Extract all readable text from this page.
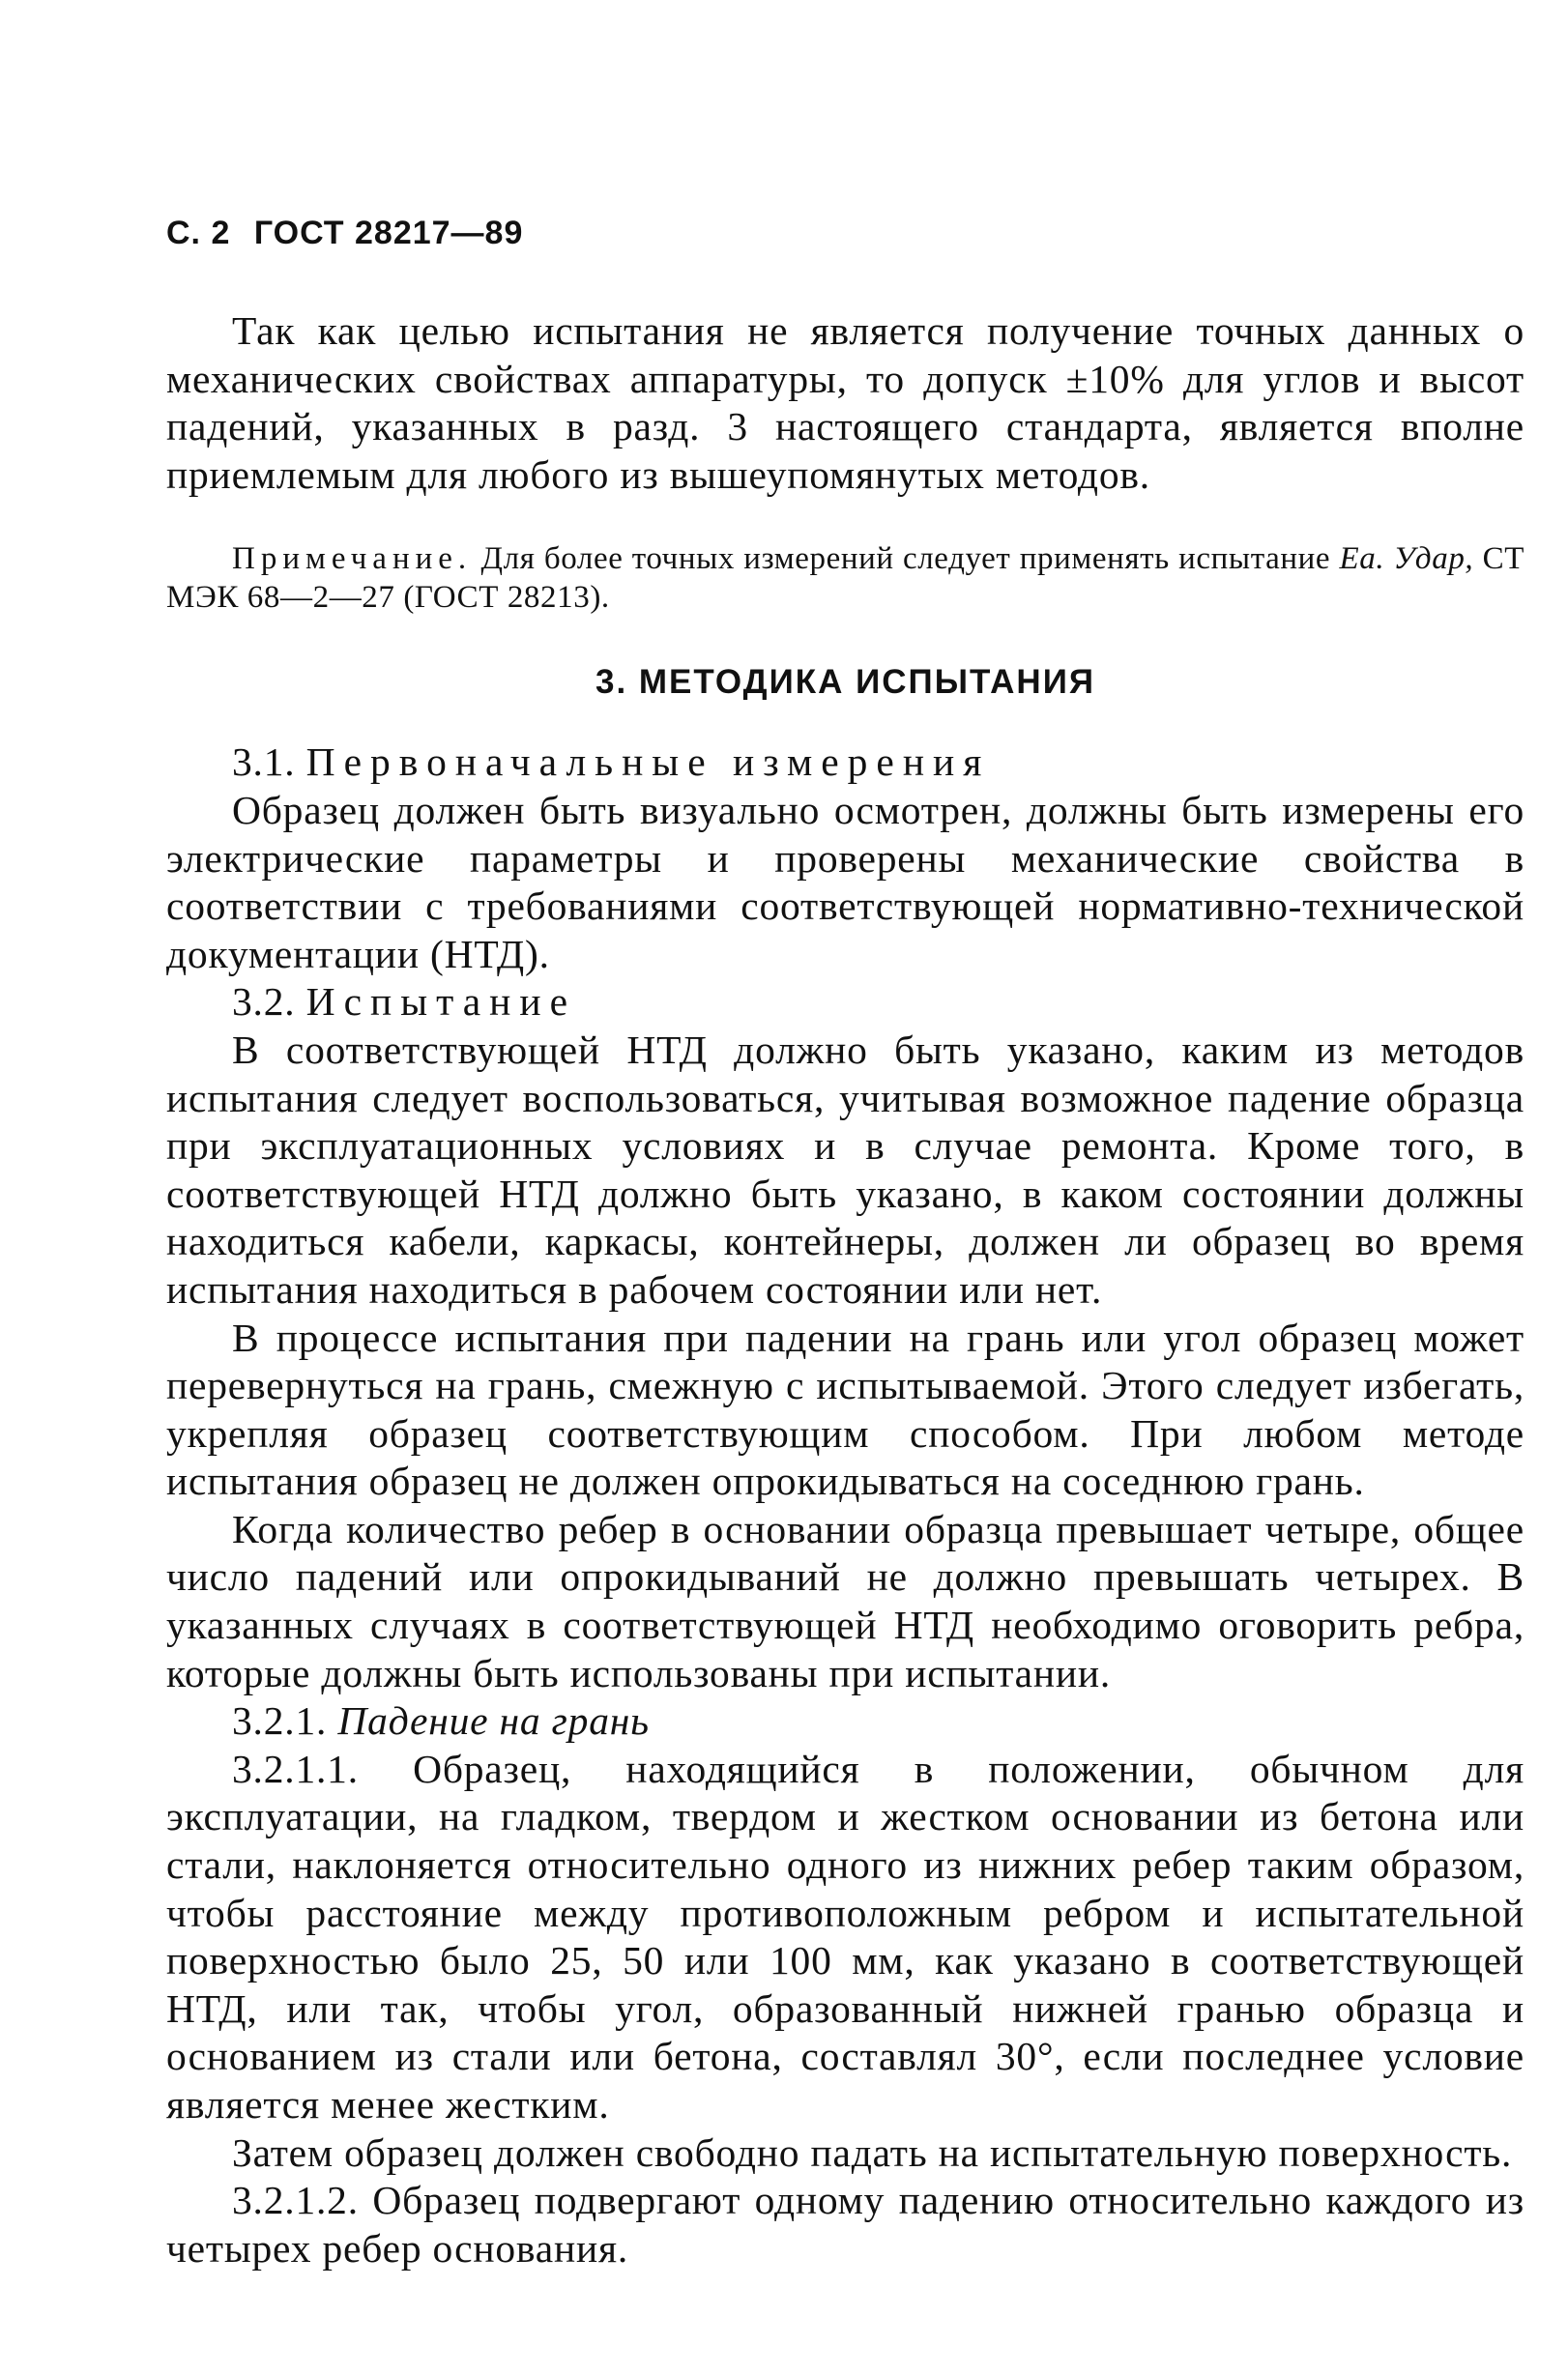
С. 2 ГОСТ 28217—89

Так как целью испытания не является получение точных данных о механических свойствах аппаратуры, то допуск ±10% для углов и высот падений, указанных в разд. 3 настоящего стандарта, является вполне приемлемым для любого из вышеупомянутых методов.

Примечание. Для более точных измерений следует применять испытание Ea. Удар, СТ МЭК 68—2—27 (ГОСТ 28213).

3. МЕТОДИКА ИСПЫТАНИЯ

3.1. Первоначальные измерения

Образец должен быть визуально осмотрен, должны быть измерены его электрические параметры и проверены механические свойства в соответствии с требованиями соответствующей нормативно-технической документации (НТД).

3.2. Испытание

В соответствующей НТД должно быть указано, каким из методов испытания следует воспользоваться, учитывая возможное падение образца при эксплуатационных условиях и в случае ремонта. Кроме того, в соответствующей НТД должно быть указано, в каком состоянии должны находиться кабели, каркасы, контейнеры, должен ли образец во время испытания находиться в рабочем состоянии или нет.

В процессе испытания при падении на грань или угол образец может перевернуться на грань, смежную с испытываемой. Этого следует избегать, укрепляя образец соответствующим способом. При любом методе испытания образец не должен опрокидываться на соседнюю грань.

Когда количество ребер в основании образца превышает четыре, общее число падений или опрокидываний не должно превышать четырех. В указанных случаях в соответствующей НТД необходимо оговорить ребра, которые должны быть использованы при испытании.

3.2.1. Падение на грань

3.2.1.1. Образец, находящийся в положении, обычном для эксплуатации, на гладком, твердом и жестком основании из бетона или стали, наклоняется относительно одного из нижних ребер таким образом, чтобы расстояние между противоположным ребром и испытательной поверхностью было 25, 50 или 100 мм, как указано в соответствующей НТД, или так, чтобы угол, образованный нижней гранью образца и основанием из стали или бетона, составлял 30°, если последнее условие является менее жестким.

Затем образец должен свободно падать на испытательную поверхность.

3.2.1.2. Образец подвергают одному падению относительно каждого из четырех ребер основания.
